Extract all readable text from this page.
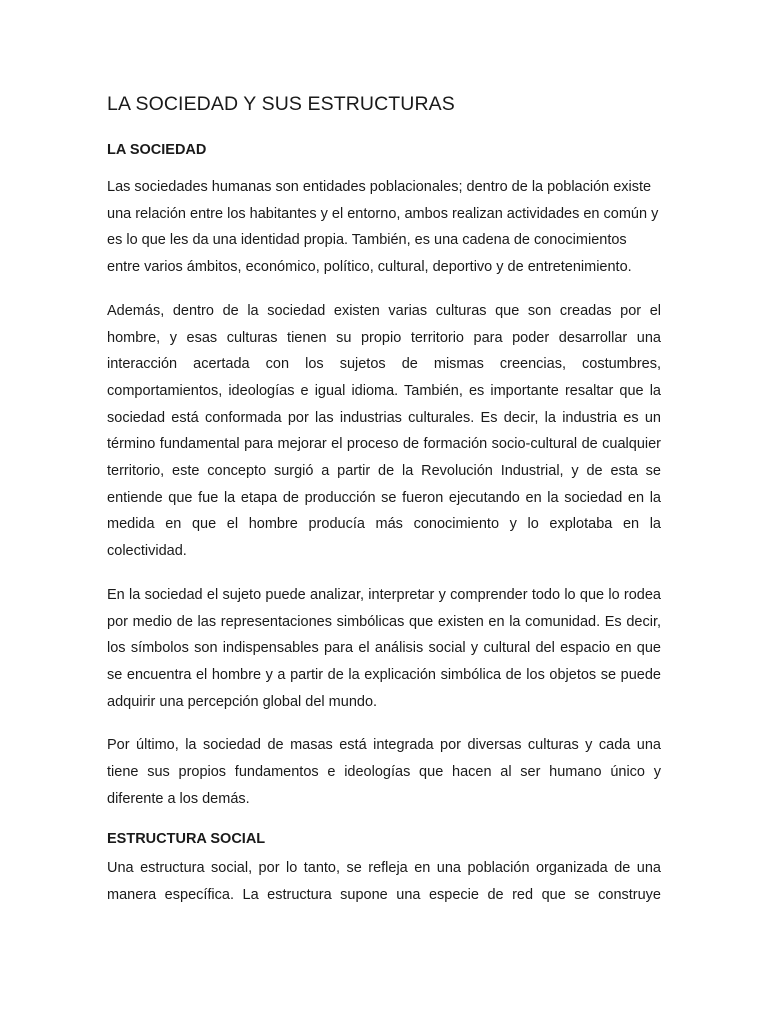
LA SOCIEDAD Y SUS ESTRUCTURAS
LA SOCIEDAD

Las sociedades humanas son entidades poblacionales; dentro de la población existe una relación entre los habitantes y el entorno, ambos realizan actividades en común y es lo que les da una identidad propia. También, es una cadena de conocimientos entre varios ámbitos, económico, político, cultural, deportivo y de entretenimiento.

Además, dentro de la sociedad existen varias culturas que son creadas por el hombre, y esas culturas tienen su propio territorio para poder desarrollar una interacción acertada con los sujetos de mismas creencias, costumbres, comportamientos, ideologías e igual idioma. También, es importante resaltar que la sociedad está conformada por las industrias culturales. Es decir, la industria es un término fundamental para mejorar el proceso de formación socio-cultural de cualquier territorio, este concepto surgió a partir de la Revolución Industrial, y de esta se entiende que fue la etapa de producción se fueron ejecutando en la sociedad en la medida en que el hombre producía más conocimiento y lo explotaba en la colectividad.

En la sociedad el sujeto puede analizar, interpretar y comprender todo lo que lo rodea por medio de las representaciones simbólicas que existen en la comunidad. Es decir, los símbolos son indispensables para el análisis social y cultural del espacio en que se encuentra el hombre y a partir de la explicación simbólica de los objetos se puede adquirir una percepción global del mundo.

Por último, la sociedad de masas está integrada por diversas culturas y cada una tiene sus propios fundamentos e ideologías que hacen al ser humano único y diferente a los demás.

ESTRUCTURA SOCIAL

Una estructura social, por lo tanto, se refleja en una población organizada de una manera específica. La estructura supone una especie de red que se construye
